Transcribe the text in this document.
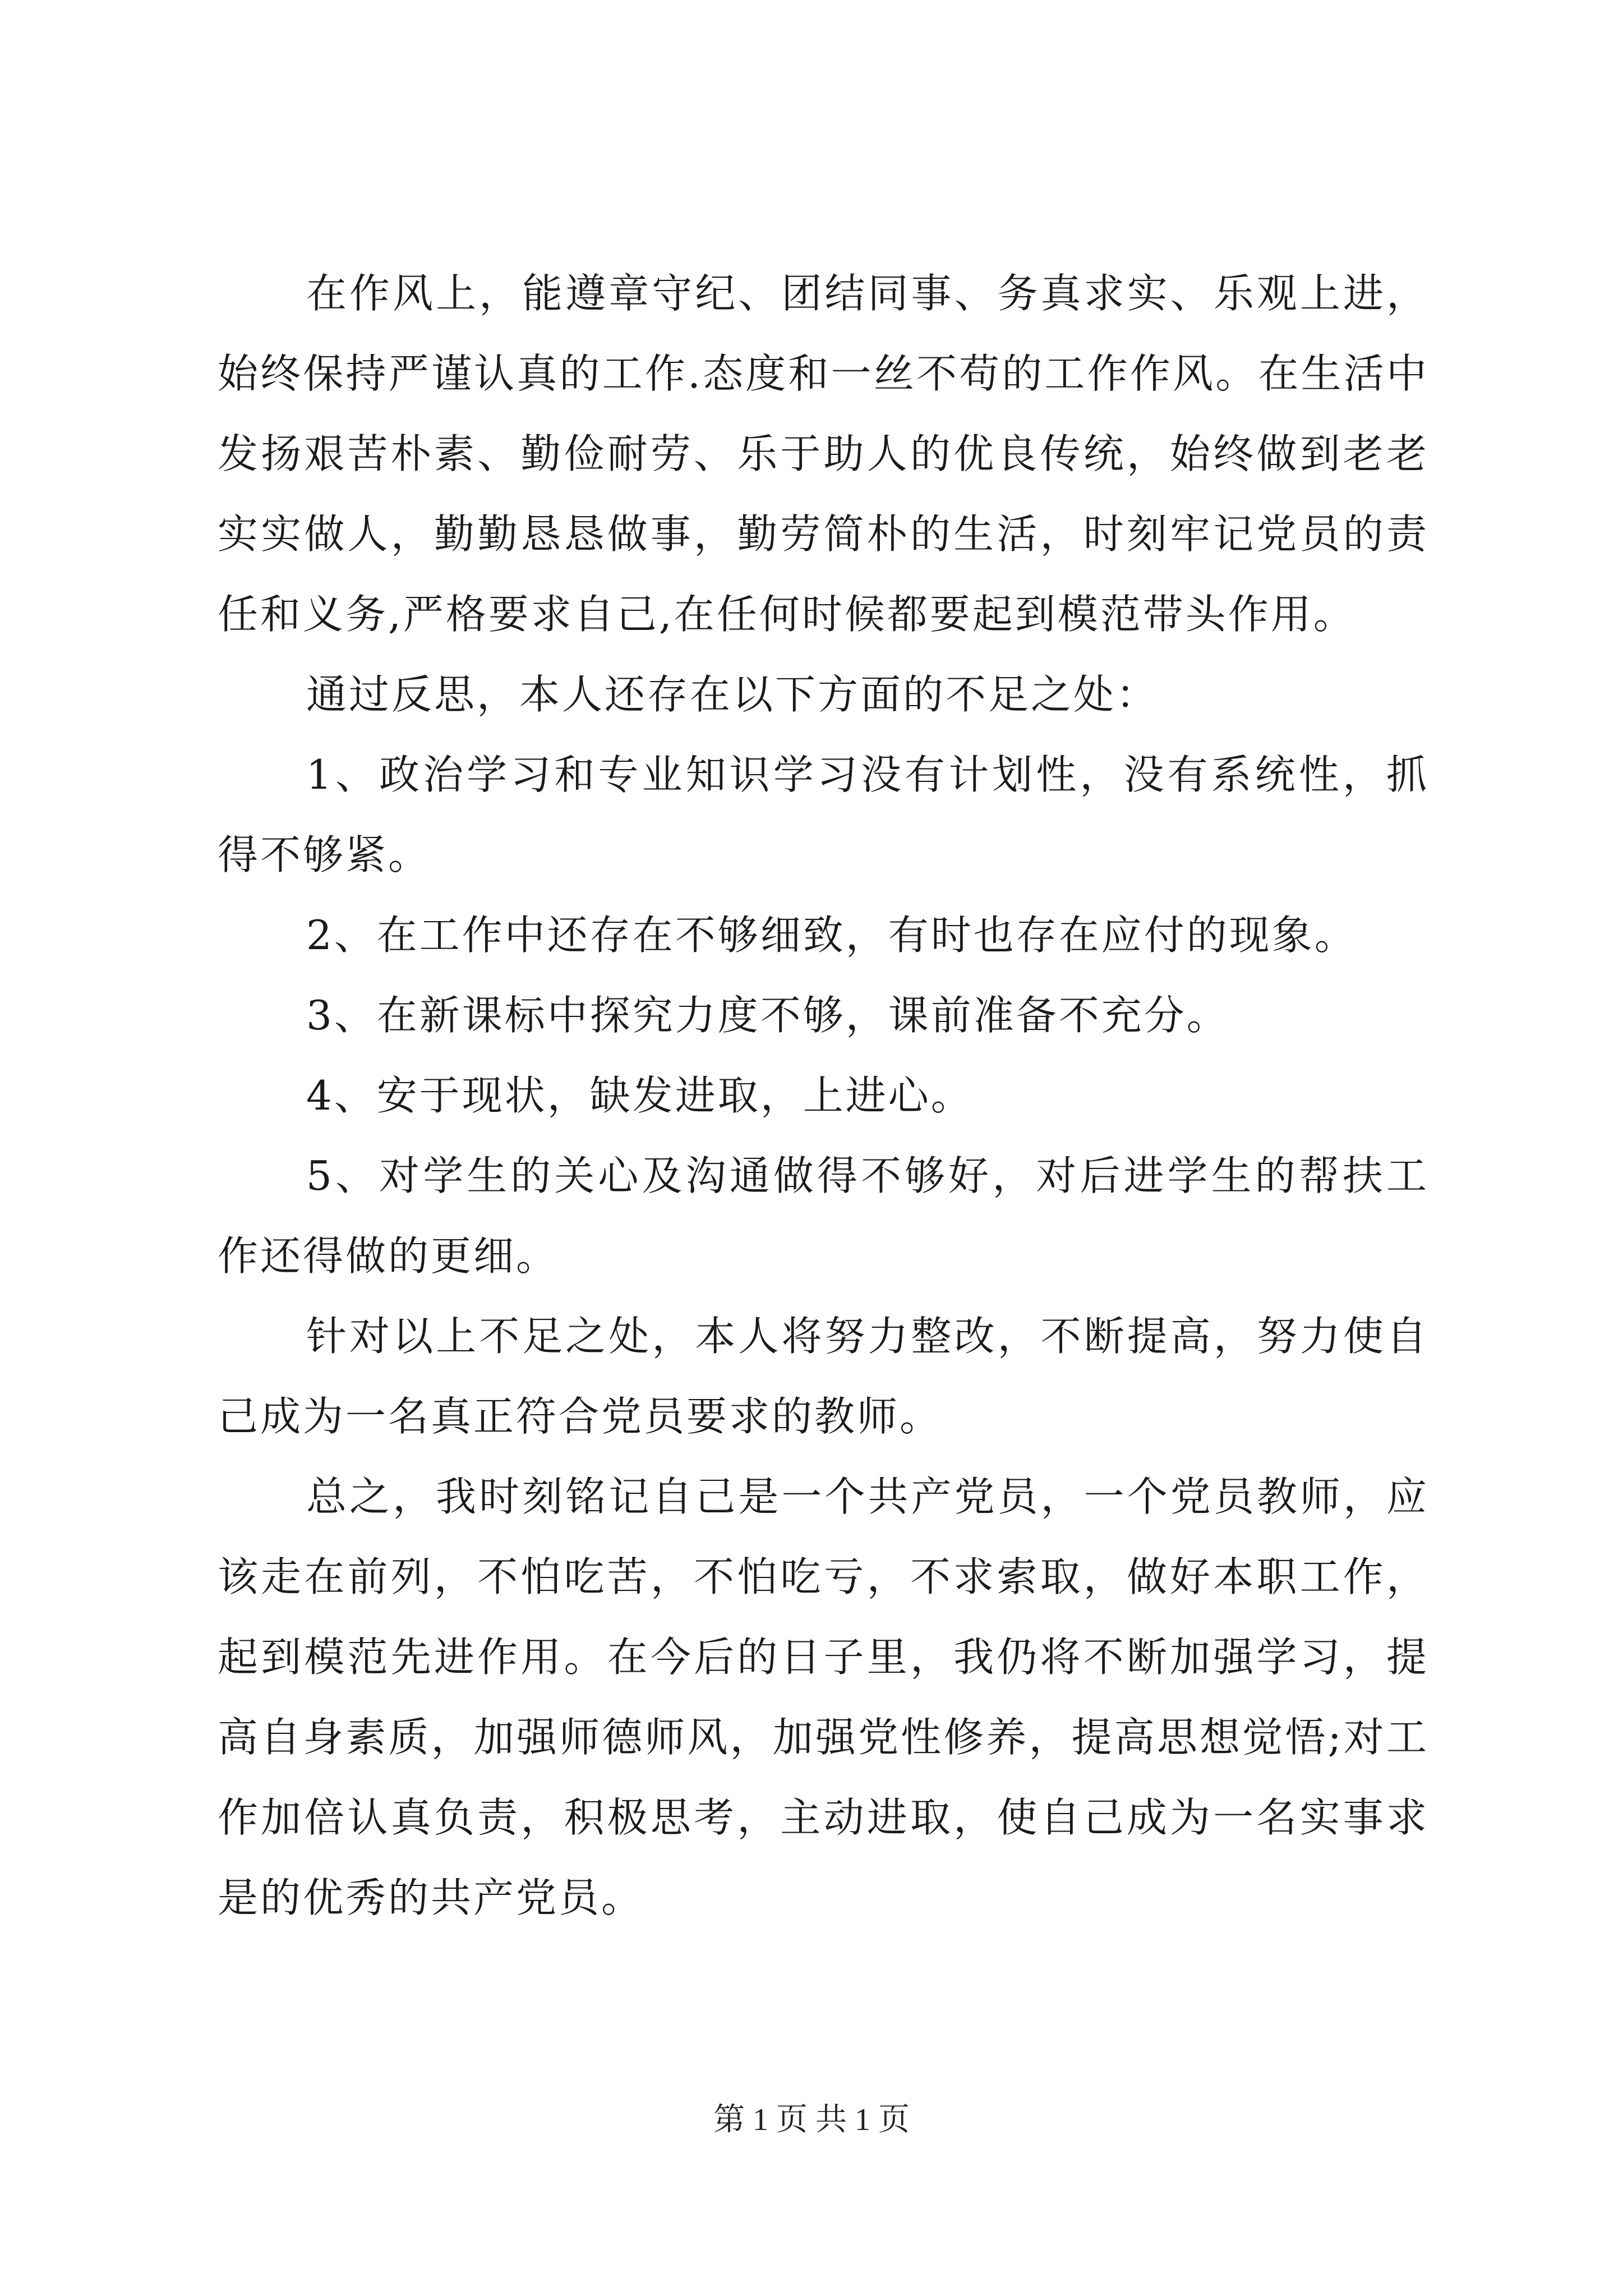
在作风上，能遵章守纪、团结同事、务真求实、乐观上进，始终保持严谨认真的工作.态度和一丝不苟的工作作风。在生活中发扬艰苦朴素、勤俭耐劳、乐于助人的优良传统，始终做到老老实实做人，勤勤恳恳做事，勤劳简朴的生活，时刻牢记党员的责任和义务,严格要求自己,在任何时候都要起到模范带头作用。

通过反思，本人还存在以下方面的不足之处：

1、政治学习和专业知识学习没有计划性，没有系统性，抓得不够紧。

2、在工作中还存在不够细致，有时也存在应付的现象。

3、在新课标中探究力度不够，课前准备不充分。

4、安于现状，缺发进取，上进心。

5、对学生的关心及沟通做得不够好，对后进学生的帮扶工作还得做的更细。

针对以上不足之处，本人将努力整改，不断提高，努力使自己成为一名真正符合党员要求的教师。

总之，我时刻铭记自己是一个共产党员，一个党员教师，应该走在前列，不怕吃苦，不怕吃亏，不求索取，做好本职工作，起到模范先进作用。在今后的日子里，我仍将不断加强学习，提高自身素质，加强师德师风，加强党性修养，提高思想觉悟;对工作加倍认真负责，积极思考，主动进取，使自己成为一名实事求是的优秀的共产党员。

第 1 页 共 1 页
